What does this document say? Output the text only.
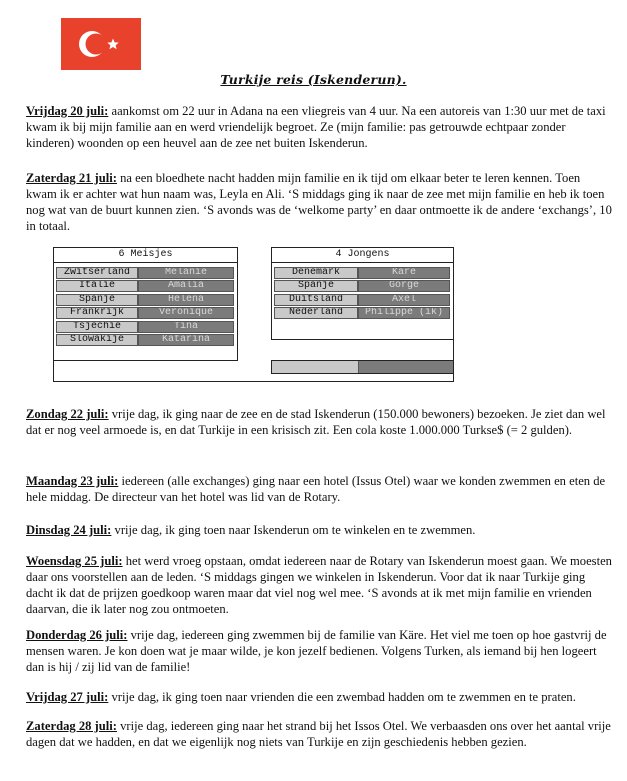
Turkije reis (Iskenderun).
Vrijdag 20 juli: aankomst om 22 uur in Adana na een vliegreis van 4 uur. Na een autoreis van 1:30 uur met de taxi kwam ik bij mijn familie aan en werd vriendelijk begroet. Ze (mijn familie: pas getrouwde echtpaar zonder kinderen) woonden op een heuvel aan de zee net buiten Iskenderun.
Zaterdag 21 juli: na een bloedhete nacht hadden mijn familie en ik tijd om elkaar beter te leren kennen. Toen kwam ik er achter wat hun naam was, Leyla en Ali. ‘S middags ging ik naar de zee met mijn familie en heb ik toen nog wat van de buurt kunnen zien. ‘S avonds was de ‘welkome party’ en daar ontmoette ik de andere ‘exchangs’, 10 in totaal.
6 Meisjes
Zwitserland	Melanie
Italië	Amalia
Spanje	Helena
Frankrijk	Veronique
Tsjechië	Tina
Slowakije	Katarina
4 Jongens
Denemark	Käre
Spanje	Gorge
Duitsland	Axel
Nederland	Philippe (ik)
Zondag 22 juli: vrije dag, ik ging naar de zee en de stad Iskenderun (150.000 bewoners) bezoeken. Je ziet dan wel dat er nog veel armoede is, en dat Turkije in een krisisch zit. Een cola koste 1.000.000 Turkse$ (= 2 gulden).
Maandag 23 juli: iedereen (alle exchanges) ging naar een hotel (Issus Otel) waar we konden zwemmen en eten de hele middag. De directeur van het hotel was lid van de Rotary.
Dinsdag 24 juli: vrije dag, ik ging toen naar Iskenderun om te winkelen en te zwemmen.
Woensdag 25 juli: het werd vroeg opstaan, omdat iedereen naar de Rotary van Iskenderun moest gaan. We moesten daar ons voorstellen aan de leden. ‘S middags gingen we winkelen in Iskenderun. Voor dat ik naar Turkije ging dacht ik dat de prijzen goedkoop waren maar dat viel nog wel mee. ‘S avonds at ik met mijn familie en vrienden daarvan, die ik later nog zou ontmoeten.
Donderdag 26 juli: vrije dag, iedereen ging zwemmen bij de familie van Käre. Het viel me toen op hoe gastvrij de mensen waren. Je kon doen wat je maar wilde, je kon jezelf bedienen. Volgens Turken, als iemand bij hen logeert dan is hij / zij lid van de familie!
Vrijdag 27 juli: vrije dag, ik ging toen naar vrienden die een zwembad hadden om te zwemmen en te praten.
Zaterdag 28 juli: vrije dag, iedereen ging naar het strand bij het Issos Otel. We verbaasden ons over het aantal vrije dagen dat we hadden, en dat we eigenlijk nog niets van Turkije en zijn geschiedenis hebben gezien.
